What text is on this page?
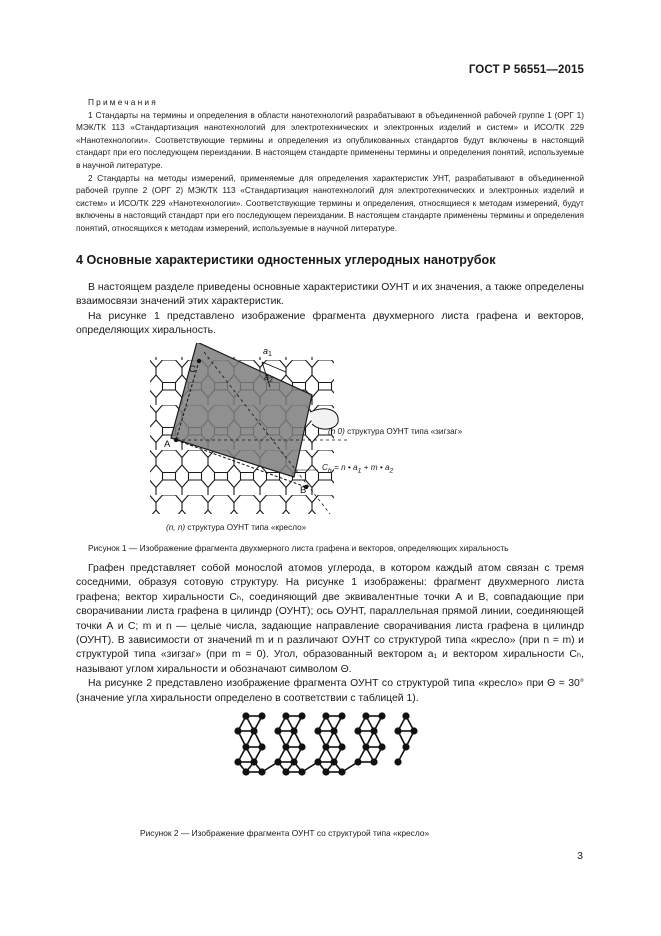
ГОСТ Р 56551—2015

Примечания

1 Стандарты на термины и определения в области нанотехнологий разрабатывают в объединенной рабочей группе 1 (ОРГ 1) МЭК/ТК 113 «Стандартизация нанотехнологий для электротехнических и электронных изделий и систем» и ИСО/ТК 229 «Нанотехнологии». Соответствующие термины и определения из опубликованных стандартов будут включены в настоящий стандарт при его последующем переиздании. В настоящем стандарте применены термины и определения понятий, используемые в научной литературе.

2 Стандарты на методы измерений, применяемые для определения характеристик УНТ, разрабатывают в объединенной рабочей группе 2 (ОРГ 2) МЭК/ТК 113 «Стандартизация нанотехнологий для электротехнических и электронных изделий и систем» и ИСО/ТК 229 «Нанотехнологии». Соответствующие термины и определения, относящиеся к методам измерений, будут включены в настоящий стандарт при его последующем переиздании. В настоящем стандарте применены термины и определения понятий, относящихся к методам измерений, используемые в научной литературе.

4 Основные характеристики одностенных углеродных нанотрубок

В настоящем разделе приведены основные характеристики ОУНТ и их значения, а также определены взаимосвязи значений этих характеристик.

На рисунке 1 представлено изображение фрагмента двухмерного листа графена и векторов, определяющих хиральность.

C
A
B
$a_1$
$a_2$
(n 0) структура ОУНТ типа «зигзаг»
$C_h = n$ • $a_1 + m$ • $a_2$
(n, n) структура ОУНТ типа «кресло»
Рисунок 1 — Изображение фрагмента двухмерного листа графена и векторов, определяющих хиральность

Графен представляет собой монослой атомов углерода, в котором каждый атом связан с тремя соседними, образуя сотовую структуру. На рисунке 1 изображены: фрагмент двухмерного листа графена; вектор хиральности Cₕ, соединяющий две эквивалентные точки А и В, совпадающие при сворачивании листа графена в цилиндр (ОУНТ); ось ОУНТ, параллельная прямой линии, соединяющей точки А и С; m и n — целые числа, задающие направление сворачивания листа графена в цилиндр (ОУНТ). В зависимости от значений m и n различают ОУНТ со структурой типа «кресло» (при n = m) и структурой типа «зигзаг» (при m = 0). Угол, образованный вектором a₁ и вектором хиральности Cₕ, называют углом хиральности и обозначают символом Θ.

На рисунке 2 представлено изображение фрагмента ОУНТ со структурой типа «кресло» при Θ = 30° (значение угла хиральности определено в соответствии с таблицей 1).

Рисунок 2 — Изображение фрагмента ОУНТ со структурой типа «кресло»
3
